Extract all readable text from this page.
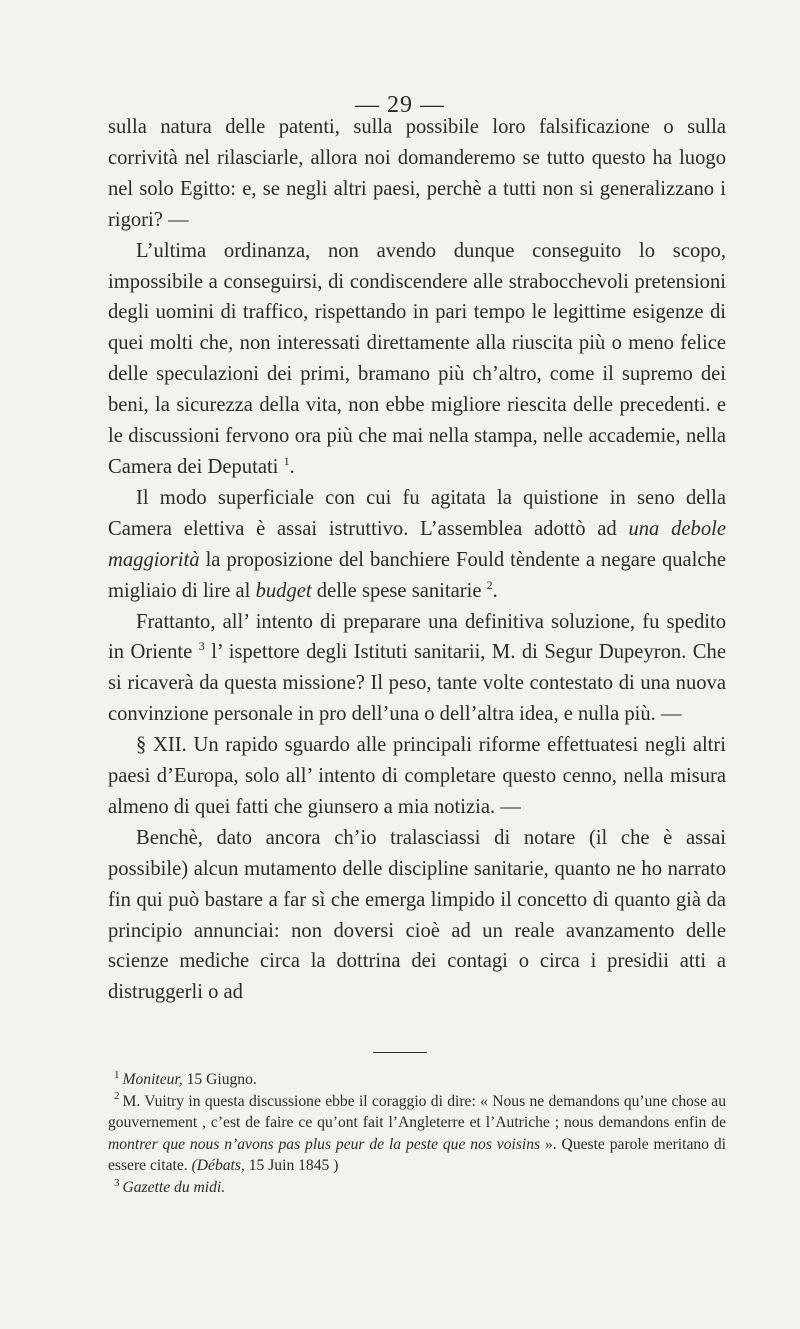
— 29 —

sulla natura delle patenti, sulla possibile loro falsificazione o sulla corrività nel rilasciarle, allora noi domanderemo se tutto questo ha luogo nel solo Egitto: e, se negli altri paesi, perchè a tutti non si generalizzano i rigori? —

L’ultima ordinanza, non avendo dunque conseguito lo scopo, impossibile a conseguirsi, di condiscendere alle strabocchevoli pretensioni degli uomini di traffico, rispettando in pari tempo le legittime esigenze di quei molti che, non interessati direttamente alla riuscita più o meno felice delle speculazioni dei primi, bramano più ch’altro, come il supremo dei beni, la sicurezza della vita, non ebbe migliore riescita delle precedenti. e le discussioni fervono ora più che mai nella stampa, nelle accademie, nella Camera dei Deputati $^1$.

Il modo superficiale con cui fu agitata la quistione in seno della Camera elettiva è assai istruttivo. L’assemblea adottò ad una debole maggiorità la proposizione del banchiere Fould tèndente a negare qualche migliaio di lire al budget delle spese sanitarie $^2$.

Frattanto, all’ intento di preparare una definitiva soluzione, fu spedito in Oriente $^3$ l’ ispettore degli Istituti sanitarii, M. di Segur Dupeyron. Che si ricaverà da questa missione? Il peso, tante volte contestato di una nuova convinzione personale in pro dell’una o dell’altra idea, e nulla più. —

§ XII. Un rapido sguardo alle principali riforme effettuatesi negli altri paesi d’Europa, solo all’ intento di completare questo cenno, nella misura almeno di quei fatti che giunsero a mia notizia. —

Benchè, dato ancora ch’io tralasciassi di notare (il che è assai possibile) alcun mutamento delle discipline sanitarie, quanto ne ho narrato fin qui può bastare a far sì che emerga limpido il concetto di quanto già da principio annunciai: non doversi cioè ad un reale avanzamento delle scienze mediche circa la dottrina dei contagi o circa i presidii atti a distruggerli o ad

$^1$ Moniteur, 15 Giugno.

$^2$ M. Vuitry in questa discussione ebbe il coraggio di dire: « Nous ne demandons qu’une chose au gouvernement , c’est de faire ce qu’ont fait l’Angleterre et l’Autriche ; nous demandons enfin de montrer que nous n’avons pas plus peur de la peste que nos voisins ». Queste parole meritano di essere citate. (Débats, 15 Juin 1845 )

$^3$ Gazette du midi.
